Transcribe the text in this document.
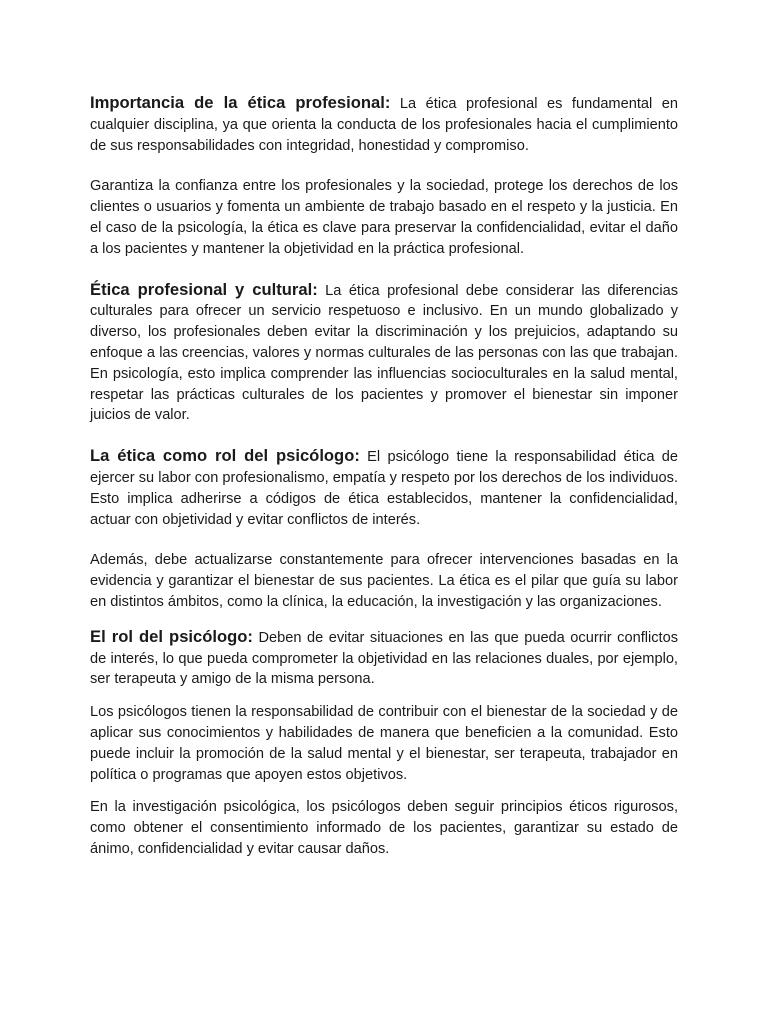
Importancia de la ética profesional: La ética profesional es fundamental en cualquier disciplina, ya que orienta la conducta de los profesionales hacia el cumplimiento de sus responsabilidades con integridad, honestidad y compromiso.

Garantiza la confianza entre los profesionales y la sociedad, protege los derechos de los clientes o usuarios y fomenta un ambiente de trabajo basado en el respeto y la justicia. En el caso de la psicología, la ética es clave para preservar la confidencialidad, evitar el daño a los pacientes y mantener la objetividad en la práctica profesional.

Ética profesional y cultural: La ética profesional debe considerar las diferencias culturales para ofrecer un servicio respetuoso e inclusivo. En un mundo globalizado y diverso, los profesionales deben evitar la discriminación y los prejuicios, adaptando su enfoque a las creencias, valores y normas culturales de las personas con las que trabajan. En psicología, esto implica comprender las influencias socioculturales en la salud mental, respetar las prácticas culturales de los pacientes y promover el bienestar sin imponer juicios de valor.

La ética como rol del psicólogo: El psicólogo tiene la responsabilidad ética de ejercer su labor con profesionalismo, empatía y respeto por los derechos de los individuos. Esto implica adherirse a códigos de ética establecidos, mantener la confidencialidad, actuar con objetividad y evitar conflictos de interés.

Además, debe actualizarse constantemente para ofrecer intervenciones basadas en la evidencia y garantizar el bienestar de sus pacientes. La ética es el pilar que guía su labor en distintos ámbitos, como la clínica, la educación, la investigación y las organizaciones.

El rol del psicólogo: Deben de evitar situaciones en las que pueda ocurrir conflictos de interés, lo que pueda comprometer la objetividad en las relaciones duales, por ejemplo, ser terapeuta y amigo de la misma persona.

Los psicólogos tienen la responsabilidad de contribuir con el bienestar de la sociedad y de aplicar sus conocimientos y habilidades de manera que beneficien a la comunidad. Esto puede incluir la promoción de la salud mental y el bienestar, ser terapeuta, trabajador en política o programas que apoyen estos objetivos.

En la investigación psicológica, los psicólogos deben seguir principios éticos rigurosos, como obtener el consentimiento informado de los pacientes, garantizar su estado de ánimo, confidencialidad y evitar causar daños.
